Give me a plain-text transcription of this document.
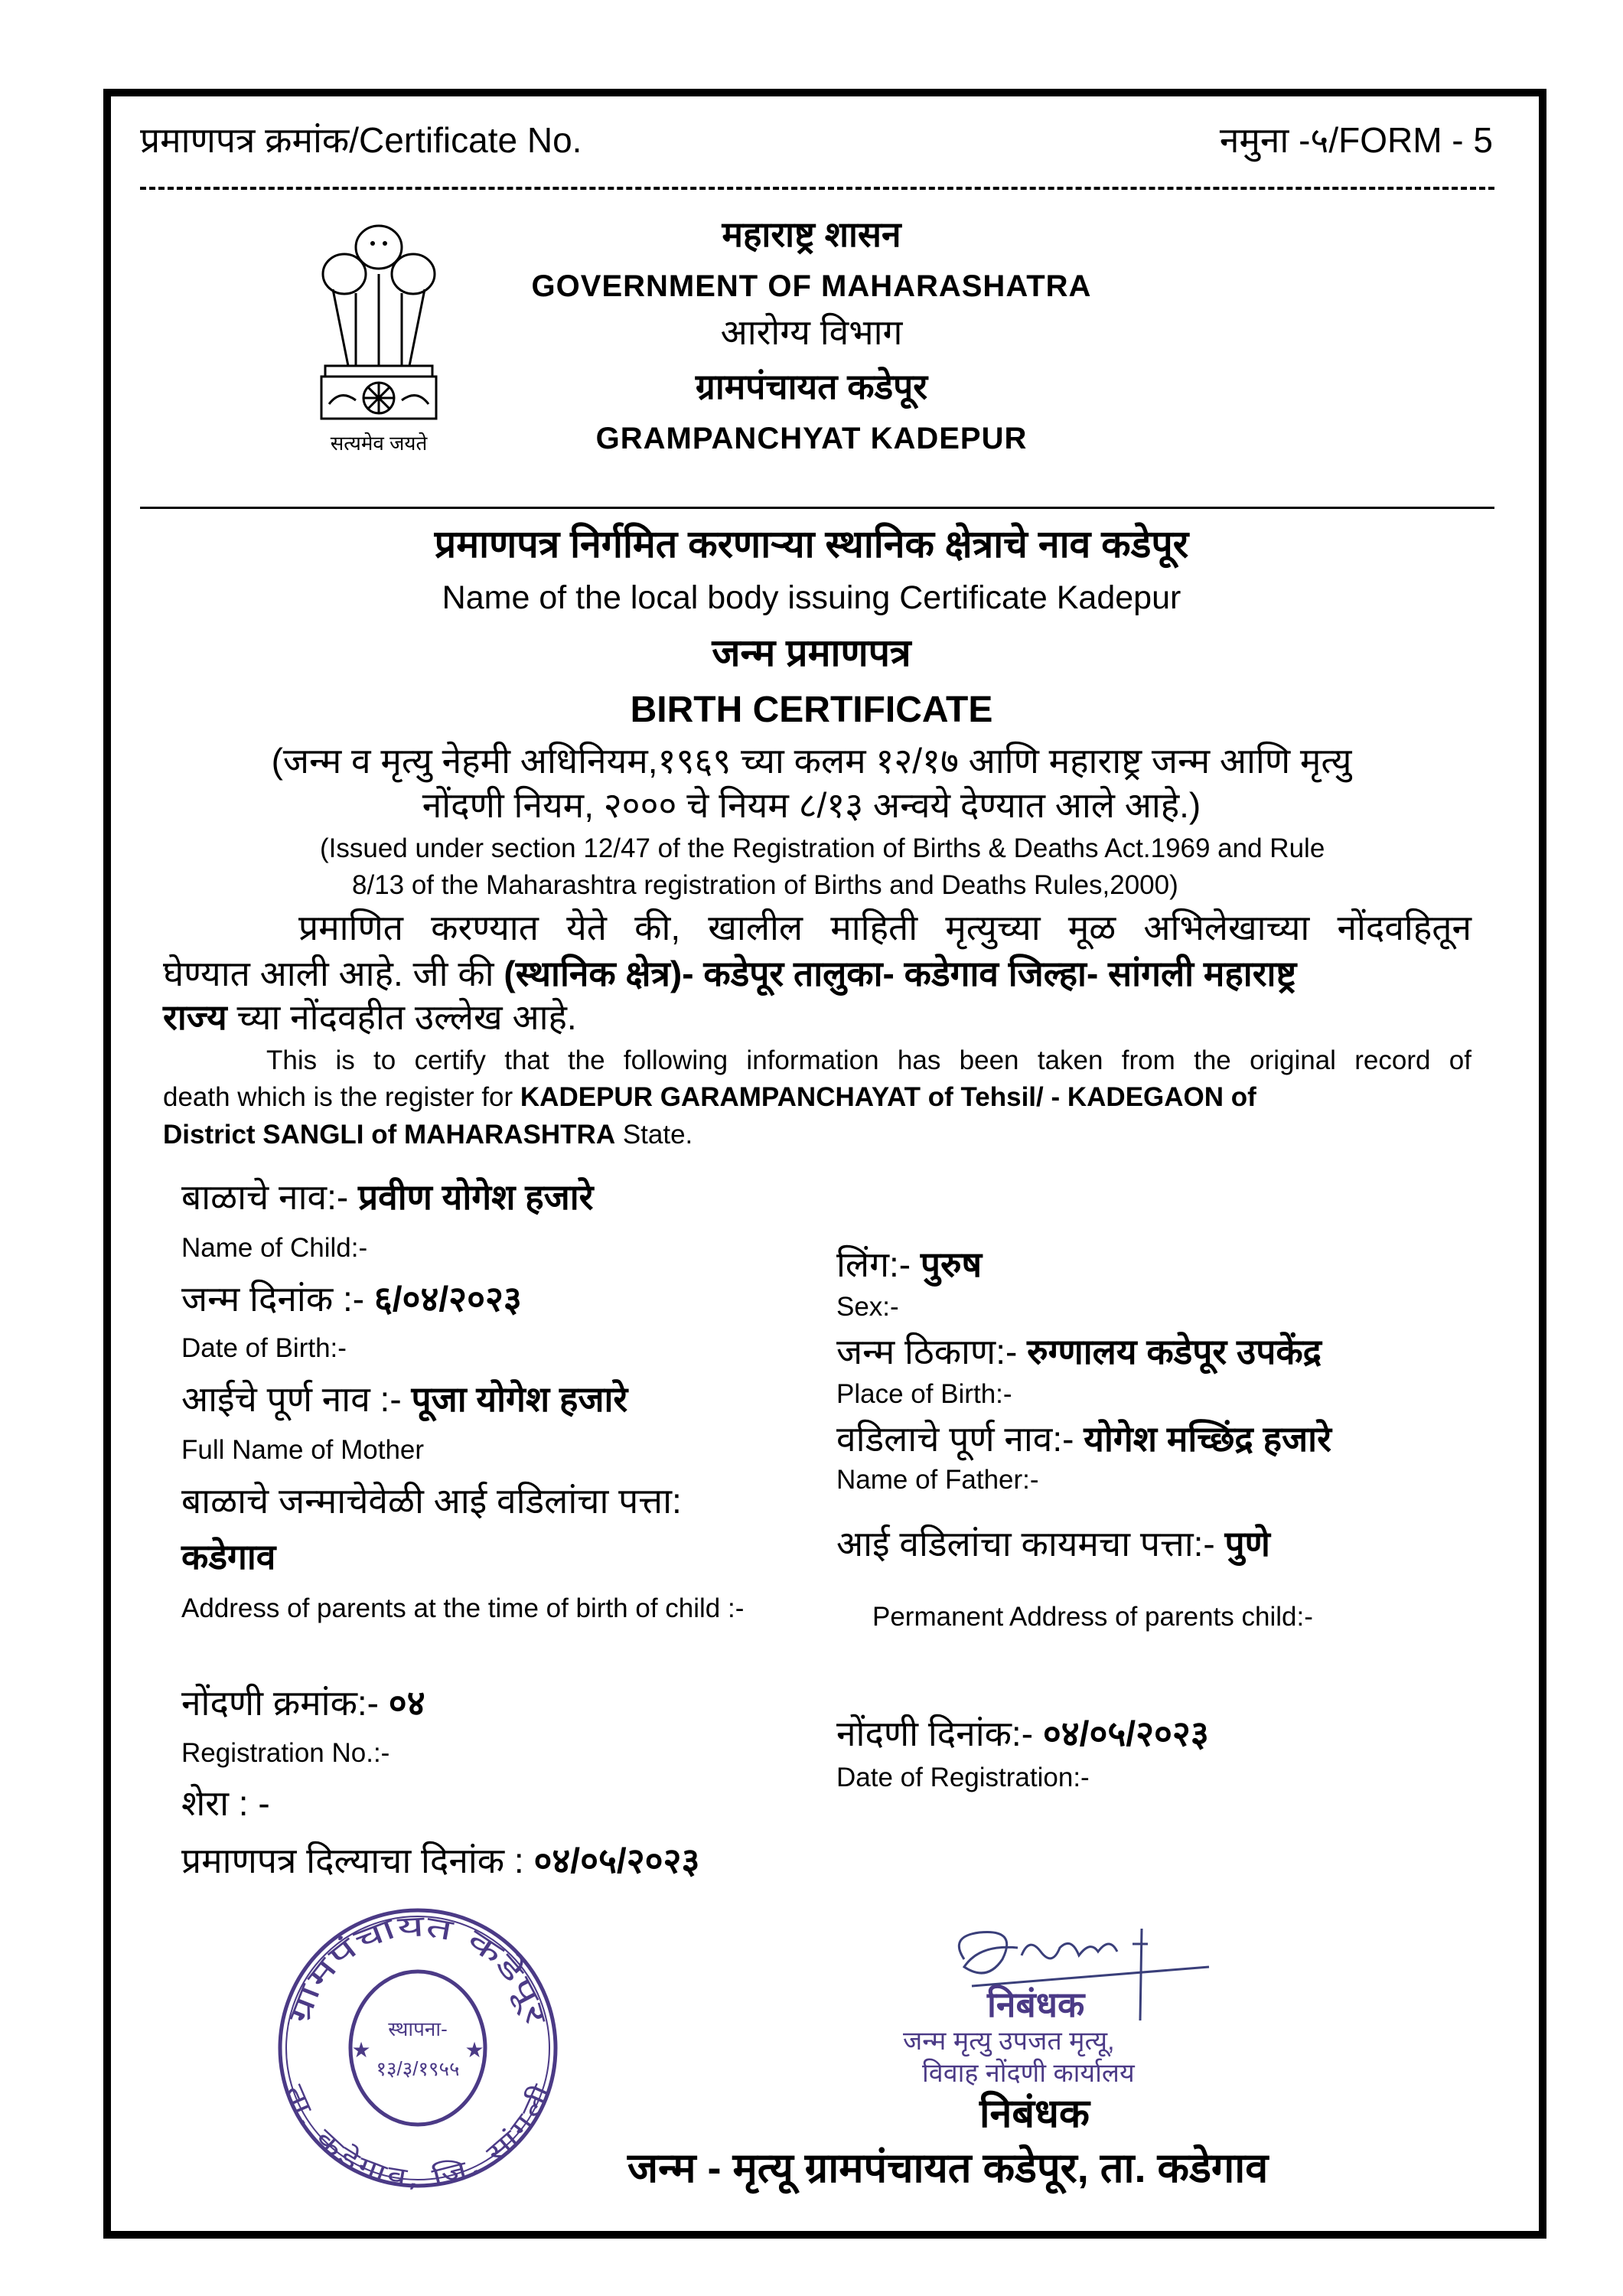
प्रमाणपत्र क्रमांक/Certificate No.	नमुना -५/FORM - 5
सत्यमेव जयते
महाराष्ट्र शासन
GOVERNMENT OF MAHARASHATRA
आरोग्य विभाग
ग्रामपंचायत कडेपूर
GRAMPANCHYAT KADEPUR
प्रमाणपत्र निर्गमित करणाऱ्या स्थानिक क्षेत्राचे नाव कडेपूर
Name of the local body issuing Certificate Kadepur
जन्म प्रमाणपत्र
BIRTH CERTIFICATE
(जन्म व मृत्यु नेहमी अधिनियम,१९६९ च्या कलम १२/१७ आणि महाराष्ट्र जन्म आणि मृत्यु
नोंदणी नियम, २००० चे नियम ८/१३ अन्वये देण्यात आले आहे.)
(Issued under section 12/47 of the Registration of Births & Deaths Act.1969 and Rule
8/13 of the Maharashtra registration of Births and Deaths Rules,2000)
प्रमाणित करण्यात येते की, खालील माहिती मृत्युच्या मूळ अभिलेखाच्या नोंदवहितून
घेण्यात आली आहे. जी की (स्थानिक क्षेत्र)- कडेपूर तालुका- कडेगाव जिल्हा- सांगली महाराष्ट्र
राज्य च्या नोंदवहीत उल्लेख आहे.
This is to certify that the following information has been taken from the original record of
death which is the register for KADEPUR GARAMPANCHAYAT of Tehsil/ - KADEGAON of
District SANGLI of MAHARASHTRA State.
बाळाचे नाव:- प्रवीण योगेश हजारे
Name of Child:-
जन्म दिनांक :- ६/०४/२०२३
Date of Birth:-
आईचे पूर्ण नाव :- पूजा योगेश हजारे
Full Name of Mother
बाळाचे जन्माचेवेळी आई वडिलांचा पत्ता:
कडेगाव
Address of parents at the time of birth of child :-
नोंदणी क्रमांक:- ०४
Registration No.:-
शेरा : -
प्रमाणपत्र दिल्याचा दिनांक : ०४/०५/२०२३
लिंग:- पुरुष
Sex:-
जन्म ठिकाण:- रुग्णालय कडेपूर उपकेंद्र
Place of Birth:-
वडिलाचे पूर्ण नाव:- योगेश मच्छिंद्र हजारे
Name of Father:-
आई वडिलांचा कायमचा पत्ता:- पुणे
Permanent Address of parents child:-
नोंदणी दिनांक:- ०४/०५/२०२३
Date of Registration:-
ग्रामपंचायत कडेपूर
ता. कडेगाव, जि. सांगली
★	★
स्थापना-
१३/३/१९५५
निबंधक
जन्म मृत्यु उपजत मृत्यू,
विवाह नोंदणी कार्यालय
निबंधक
जन्म - मृत्यू ग्रामपंचायत कडेपूर, ता. कडेगाव
